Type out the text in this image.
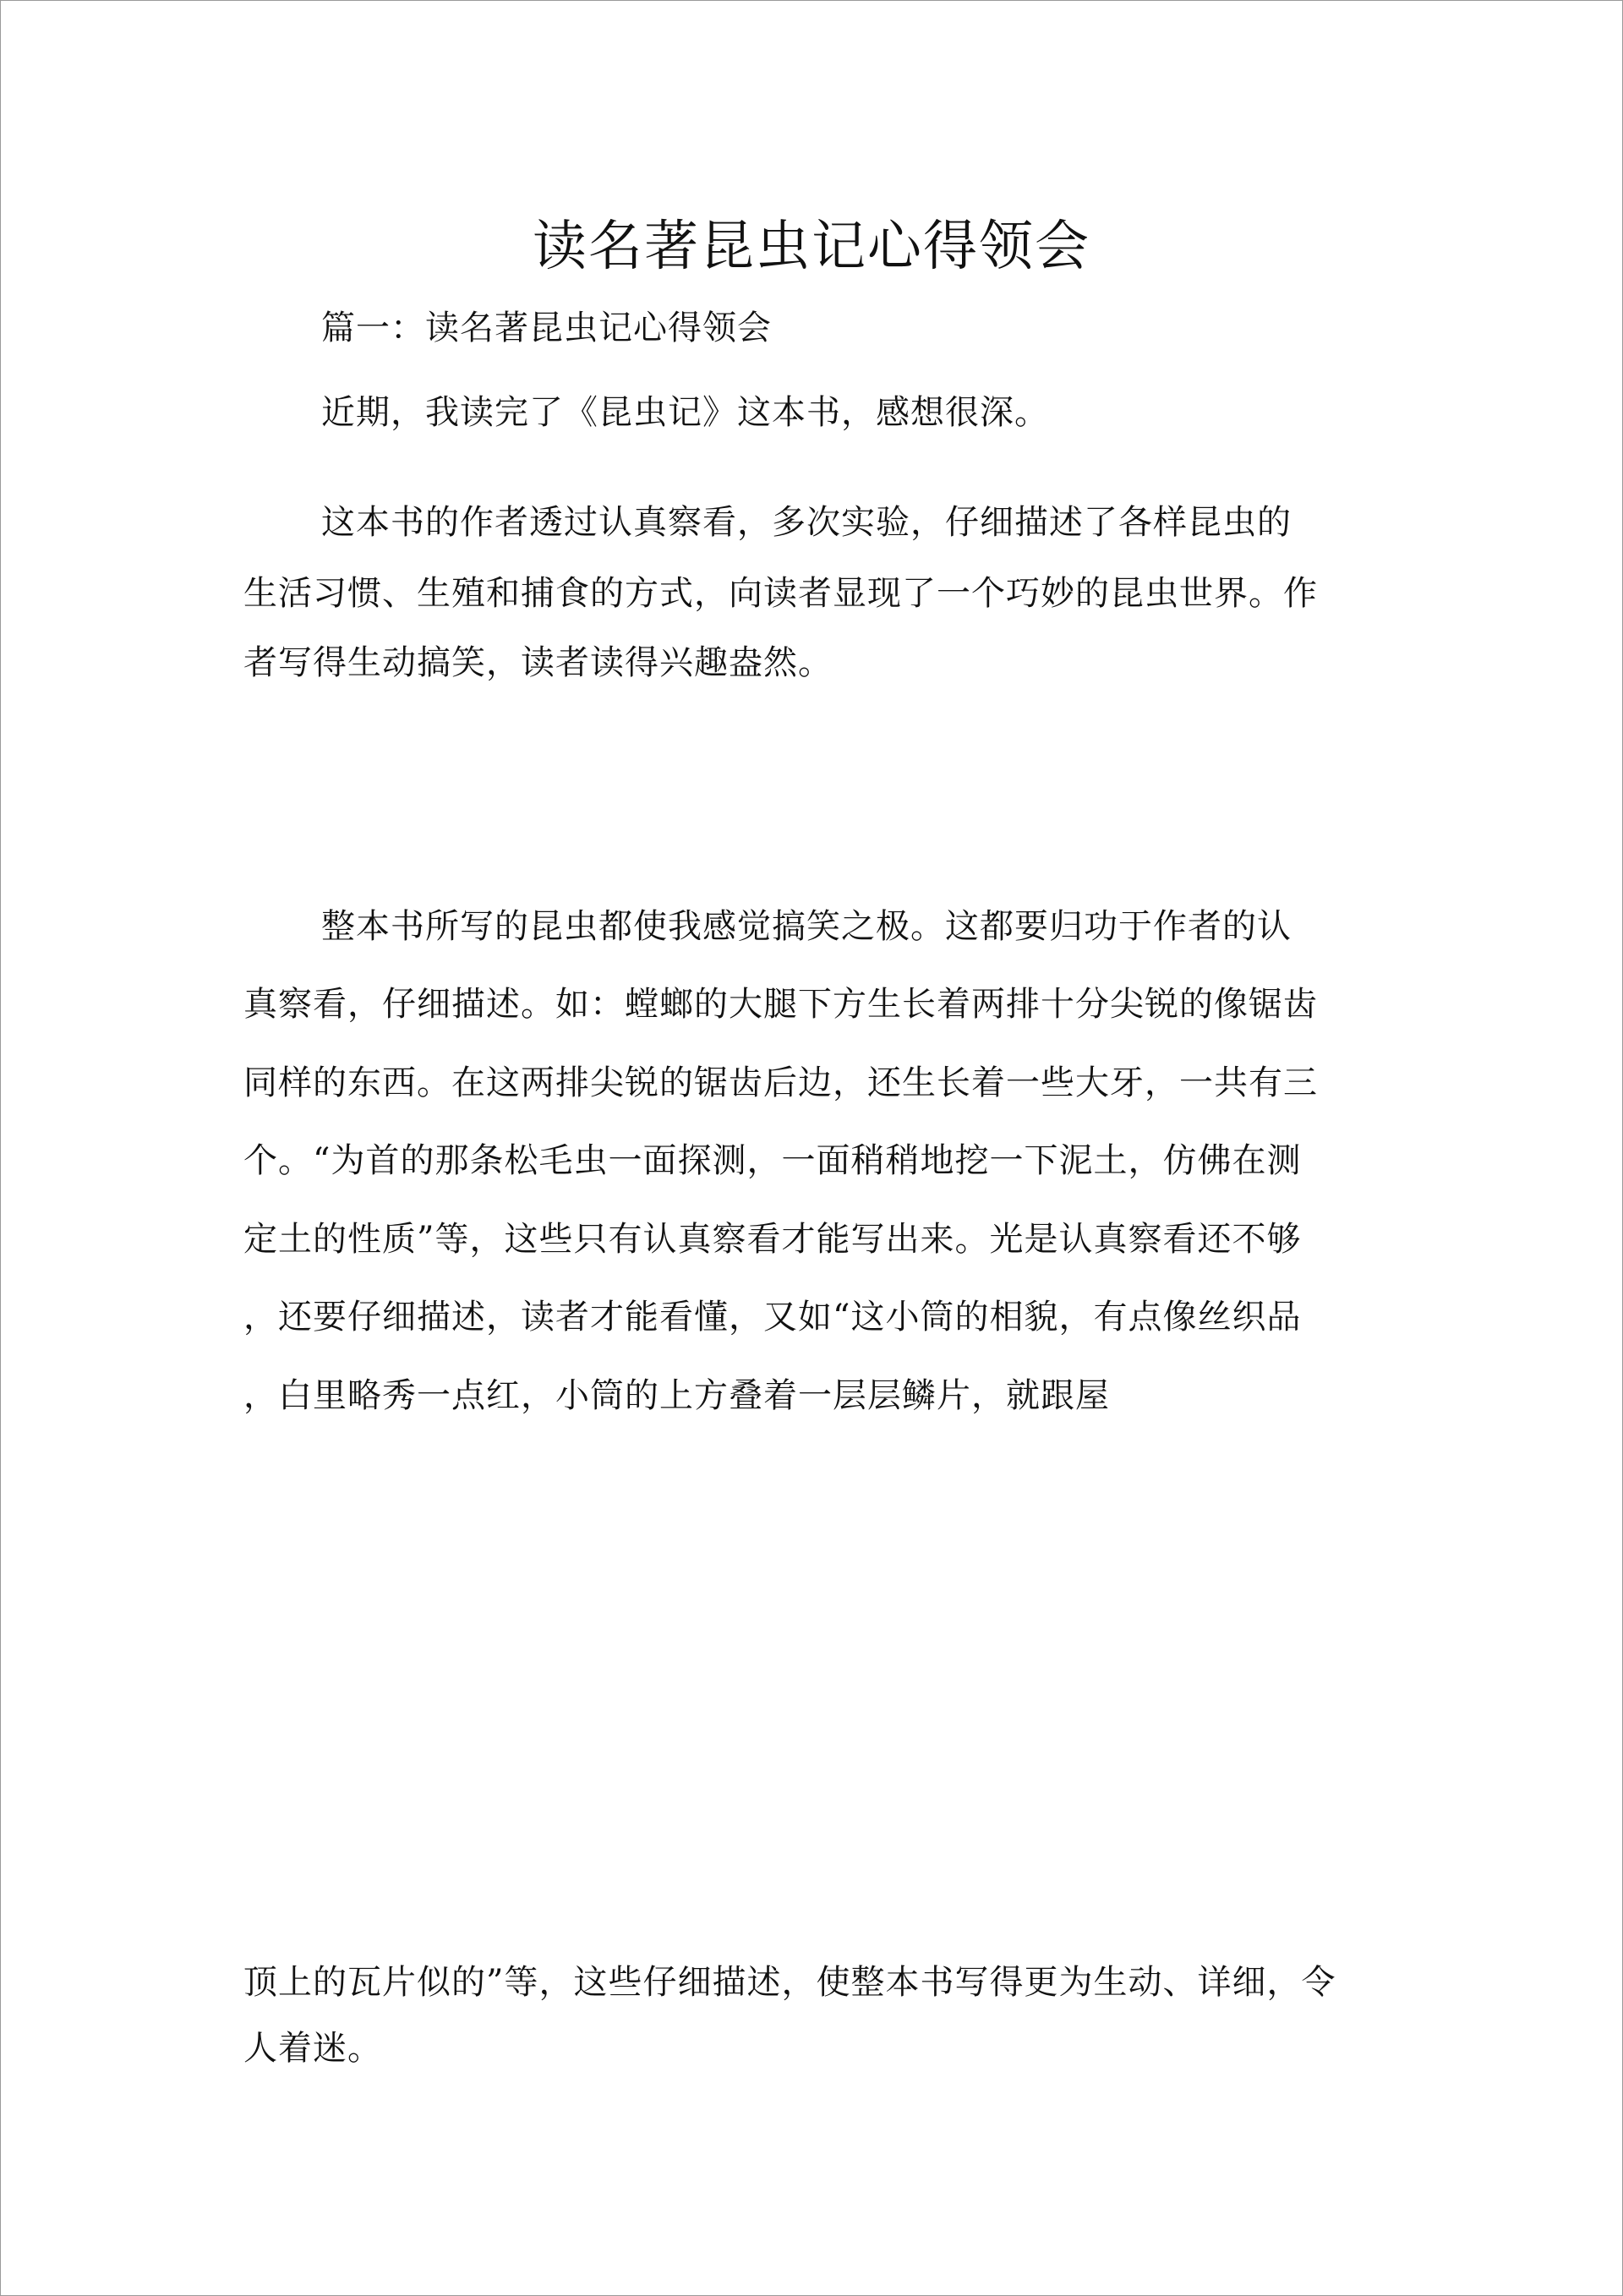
读名著昆虫记心得领会
篇一：读名著昆虫记心得领会
近期，我读完了《昆虫记》这本书，感想很深。
这本书的作者透过认真察看，多次实验，仔细描述了各样昆虫的
生活习惯、生殖和捕食的方式，向读者显现了一个巧妙的昆虫世界。作
者写得生动搞笑，读者读得兴趣盎然。
整本书所写的昆虫都使我感觉搞笑之极。这都要归功于作者的认
真察看，仔细描述。如：螳螂的大腿下方生长着两排十分尖锐的像锯齿
同样的东西。在这两排尖锐的锯齿后边，还生长着一些大牙，一共有三
个。“为首的那条松毛虫一面探测，一面稍稍地挖一下泥土，仿佛在测
定土的性质”等，这些只有认真察看才能写出来。光是认真察看还不够
，还要仔细描述，读者才能看懂，又如“这小筒的相貌，有点像丝织品
，白里略秀一点红，小筒的上方叠着一层层鳞片，就跟屋
顶上的瓦片似的”等，这些仔细描述，使整本书写得更为生动、详细，令
人着迷。
